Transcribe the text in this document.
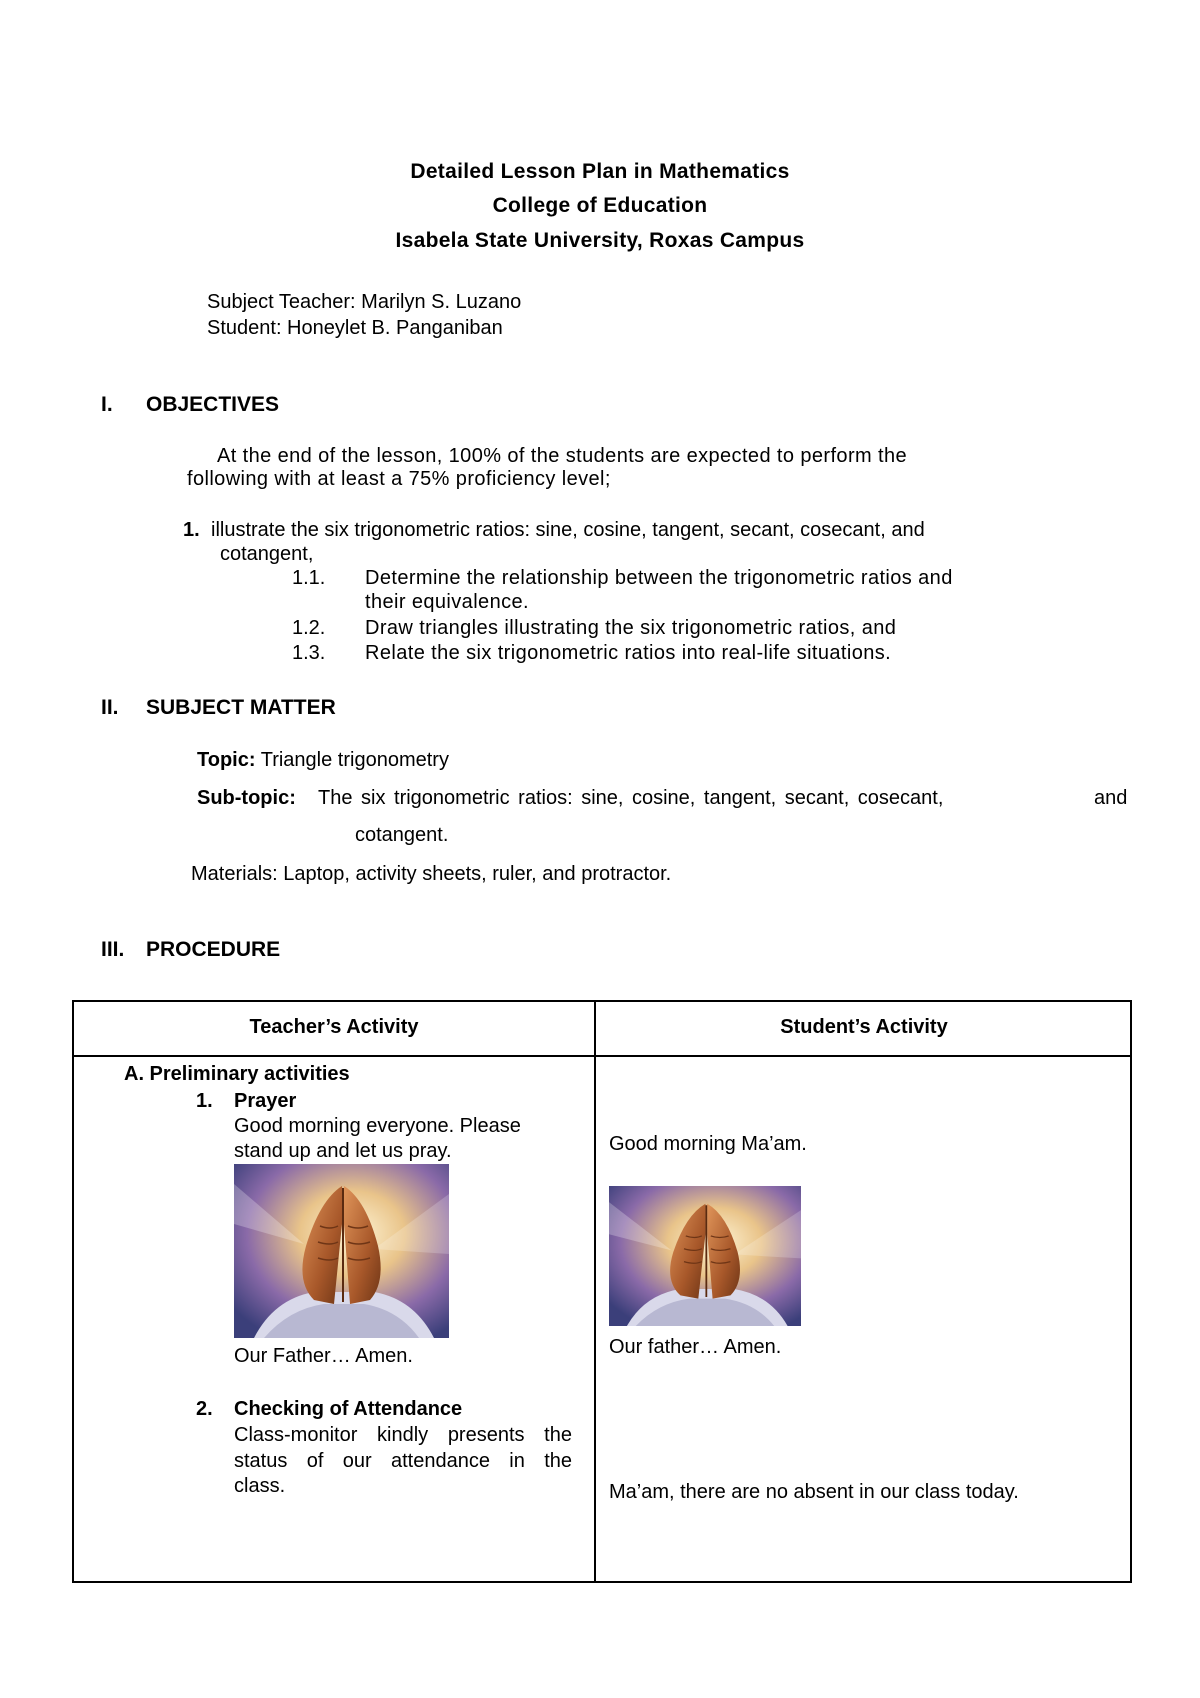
Detailed Lesson Plan in Mathematics
College of Education
Isabela State University, Roxas Campus
Subject Teacher: Marilyn S. Luzano
Student: Honeylet B. Panganiban
I. OBJECTIVES
At the end of the lesson, 100% of the students are expected to perform the
following with at least a 75% proficiency level;
1. illustrate the six trigonometric ratios: sine, cosine, tangent, secant, cosecant, and
cotangent,
1.1. Determine the relationship between the trigonometric ratios and
their equivalence.
1.2. Draw triangles illustrating the six trigonometric ratios, and
1.3. Relate the six trigonometric ratios into real-life situations.
II. SUBJECT MATTER
Topic: Triangle trigonometry
Sub-topic: The six trigonometric ratios: sine, cosine, tangent, secant, cosecant,	and
cotangent.
Materials: Laptop, activity sheets, ruler, and protractor.
III. PROCEDURE
Teacher’s Activity	Student’s Activity
A. Preliminary activities
1. Prayer
Good morning everyone. Please
stand up and let us pray.
Our Father… Amen.
2. Checking of Attendance
Class-monitor kindly presents the
status of our attendance in the
class.
Good morning Ma’am.
Our father… Amen.
Ma’am, there are no absent in our class today.
